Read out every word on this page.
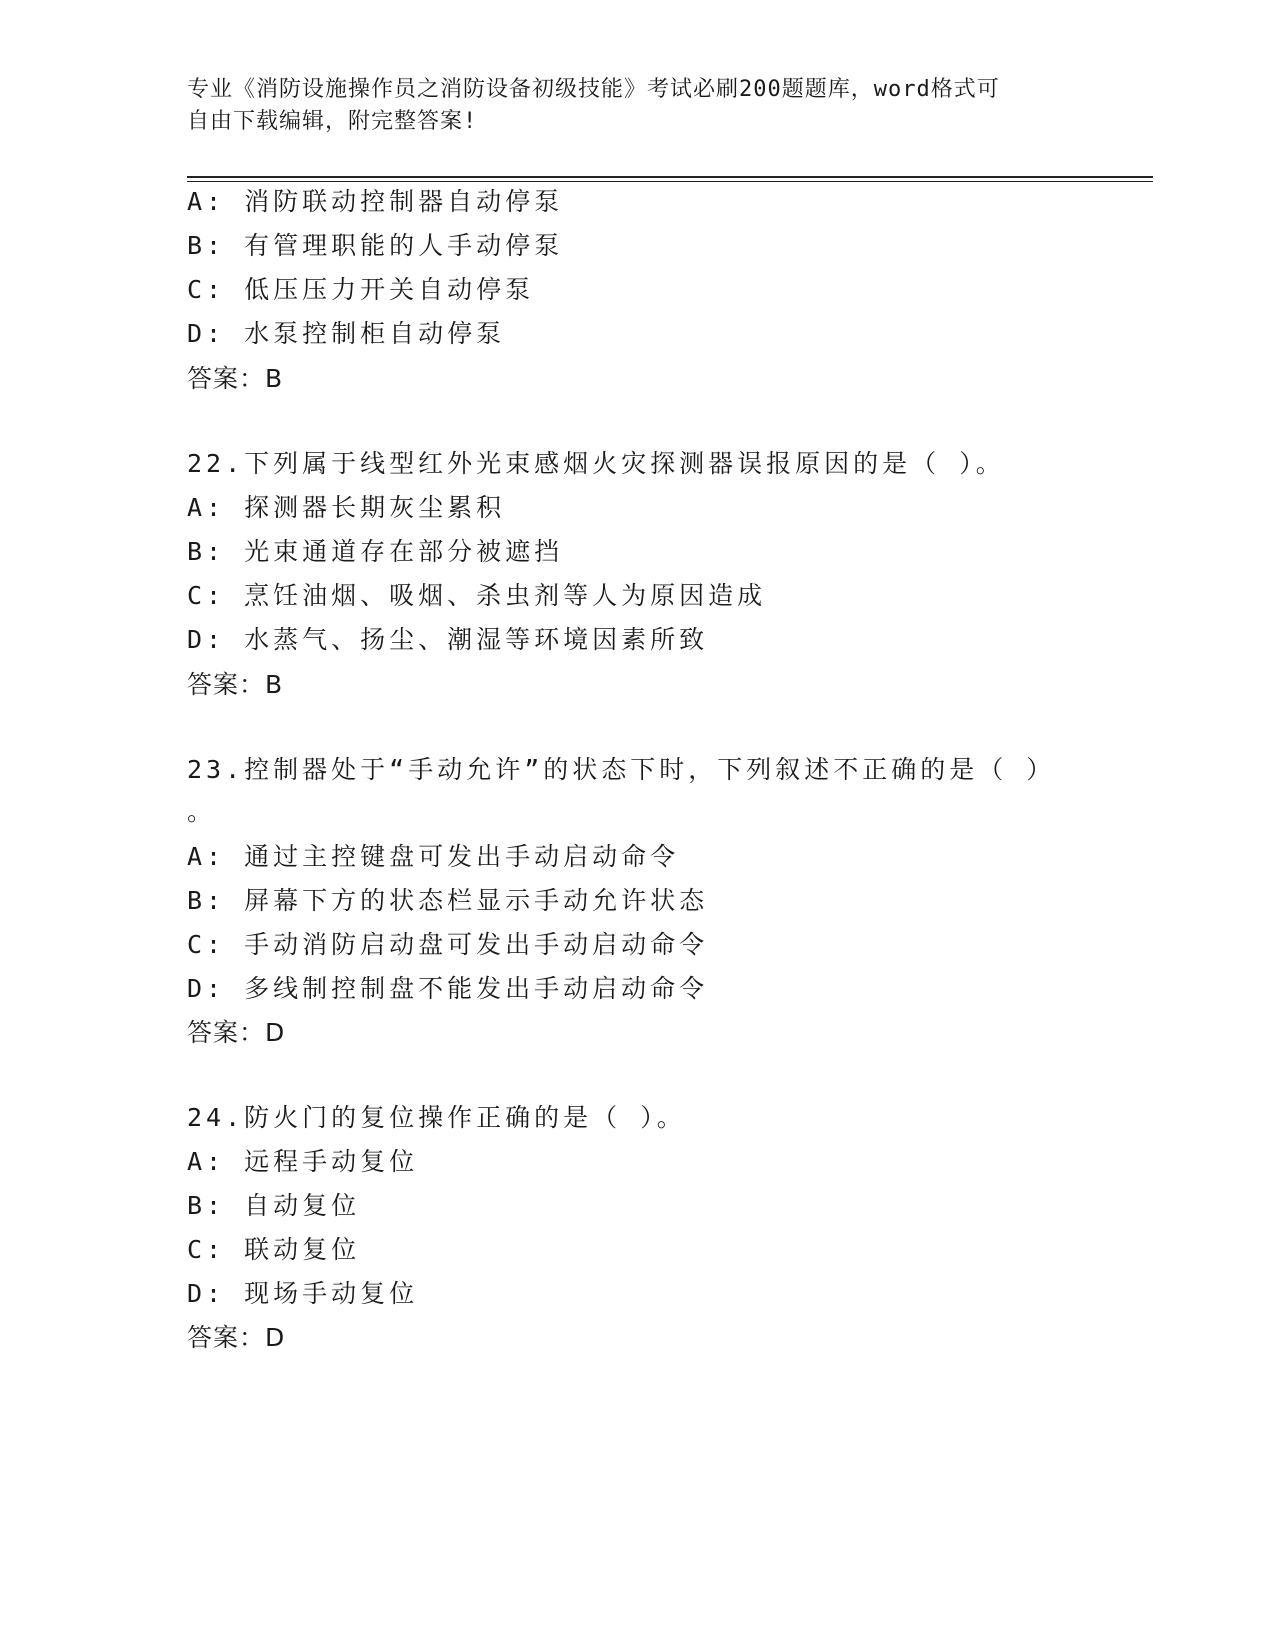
专业《消防设施操作员之消防设备初级技能》考试必刷200题题库，word格式可
自由下载编辑，附完整答案!
A: 消防联动控制器自动停泵
B: 有管理职能的人手动停泵
C: 低压压力开关自动停泵
D: 水泵控制柜自动停泵
答案：B
22.下列属于线型红外光束感烟火灾探测器误报原因的是（ ）。
A: 探测器长期灰尘累积
B: 光束通道存在部分被遮挡
C: 烹饪油烟、吸烟、杀虫剂等人为原因造成
D: 水蒸气、扬尘、潮湿等环境因素所致
答案：B
23.控制器处于“手动允许”的状态下时，下列叙述不正确的是（ ）
。
A: 通过主控键盘可发出手动启动命令
B: 屏幕下方的状态栏显示手动允许状态
C: 手动消防启动盘可发出手动启动命令
D: 多线制控制盘不能发出手动启动命令
答案：D
24.防火门的复位操作正确的是（ ）。
A: 远程手动复位
B: 自动复位
C: 联动复位
D: 现场手动复位
答案：D
